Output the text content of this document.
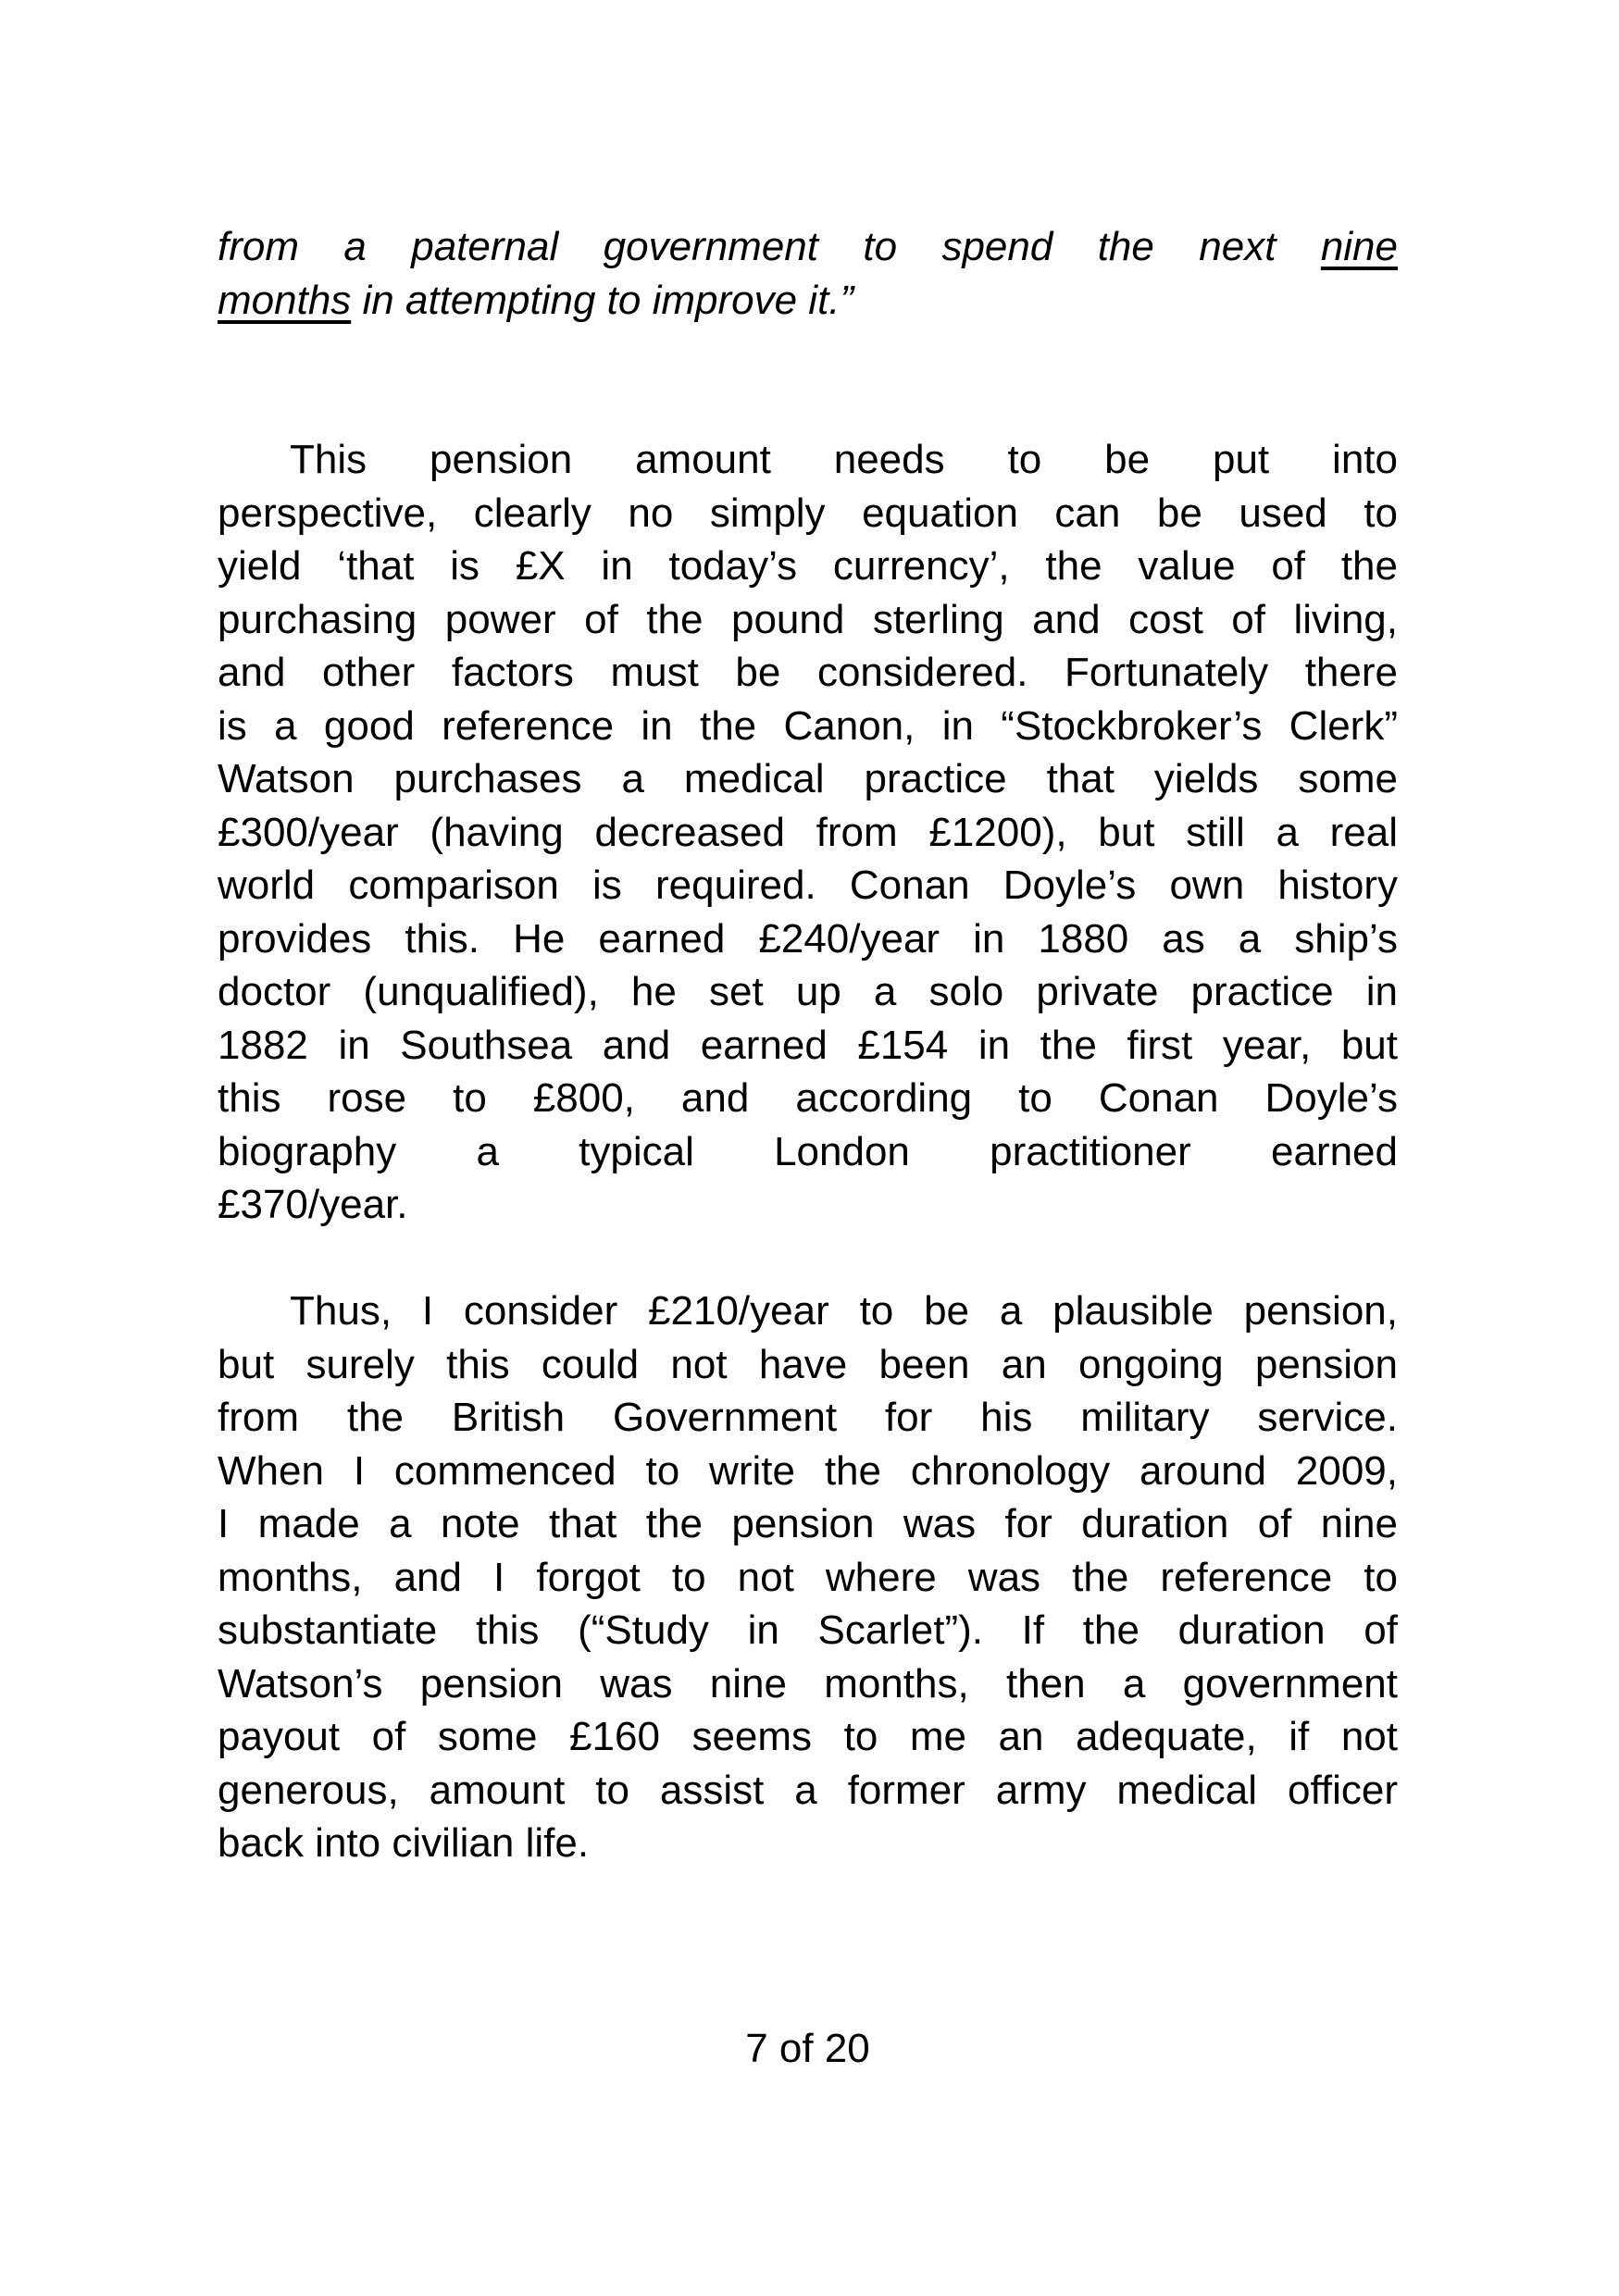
from a paternal government to spend the next nine
months in attempting to improve it.”
This pension amount needs to be put into
perspective, clearly no simply equation can be used to
yield ‘that is £X in today’s currency’, the value of the
purchasing power of the pound sterling and cost of living,
and other factors must be considered. Fortunately there
is a good reference in the Canon, in “Stockbroker’s Clerk”
Watson purchases a medical practice that yields some
£300/year (having decreased from £1200), but still a real
world comparison is required. Conan Doyle’s own history
provides this. He earned £240/year in 1880 as a ship’s
doctor (unqualified), he set up a solo private practice in
1882 in Southsea and earned £154 in the first year, but
this rose to £800, and according to Conan Doyle’s
biography a typical London practitioner earned
£370/year.
Thus, I consider £210/year to be a plausible pension,
but surely this could not have been an ongoing pension
from the British Government for his military service.
When I commenced to write the chronology around 2009,
I made a note that the pension was for duration of nine
months, and I forgot to not where was the reference to
substantiate this (“Study in Scarlet”). If the duration of
Watson’s pension was nine months, then a government
payout of some £160 seems to me an adequate, if not
generous, amount to assist a former army medical officer
back into civilian life.
7 of 20
